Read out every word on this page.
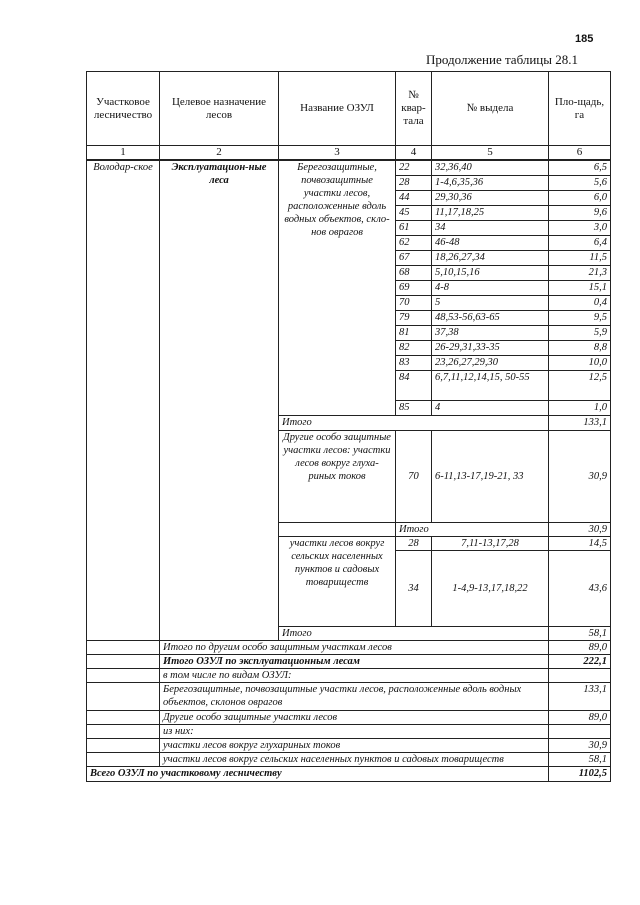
185
Продолжение таблицы 28.1
Участковое лесничество	Целевое назначение лесов	Название ОЗУЛ	№ квар-тала	№ выдела	Пло-щадь, га
1	2	3	4	5	6
Володар-ское	Эксплуатацион-ные леса	Берегозащитные, почвозащитные участки лесов, расположенные вдоль водных объектов, скло-нов оврагов	22	32,36,40	6,5
			28	1-4,6,35,36	5,6
			44	29,30,36	6,0
			45	11,17,18,25	9,6
			61	34	3,0
			62	46-48	6,4
			67	18,26,27,34	11,5
			68	5,10,15,16	21,3
			69	4-8	15,1
			70	5	0,4
			79	48,53-56,63-65	9,5
			81	37,38	5,9
			82	26-29,31,33-35	8,8
			83	23,26,27,29,30	10,0
			84	6,7,11,12,14,15, 50-55	12,5
			85	4	1,0
		Итого			133,1
		Другие особо защитные участки лесов: участки лесов вокруг глуха-риных токов	70	6-11,13-17,19-21, 33	30,9
			Итого		30,9
		участки лесов вокруг сельских населенных пунктов и садовых товариществ	28	7,11-13,17,28	14,5
			34	1-4,9-13,17,18,22	43,6
		Итого			58,1
	Итого по другим особо защитным участкам лесов				89,0
	Итого ОЗУЛ по эксплуатационным лесам				222,1
	в том числе по видам ОЗУЛ:				
	Берегозащитные, почвозащитные участки лесов, расположенные вдоль водных объектов, склонов оврагов				133,1
	Другие особо защитные участки лесов				89,0
	из них:				
	участки лесов вокруг глухариных токов				30,9
	участки лесов вокруг сельских населенных пунктов и садовых товариществ				58,1
Всего ОЗУЛ по участковому лесничеству					1102,5
